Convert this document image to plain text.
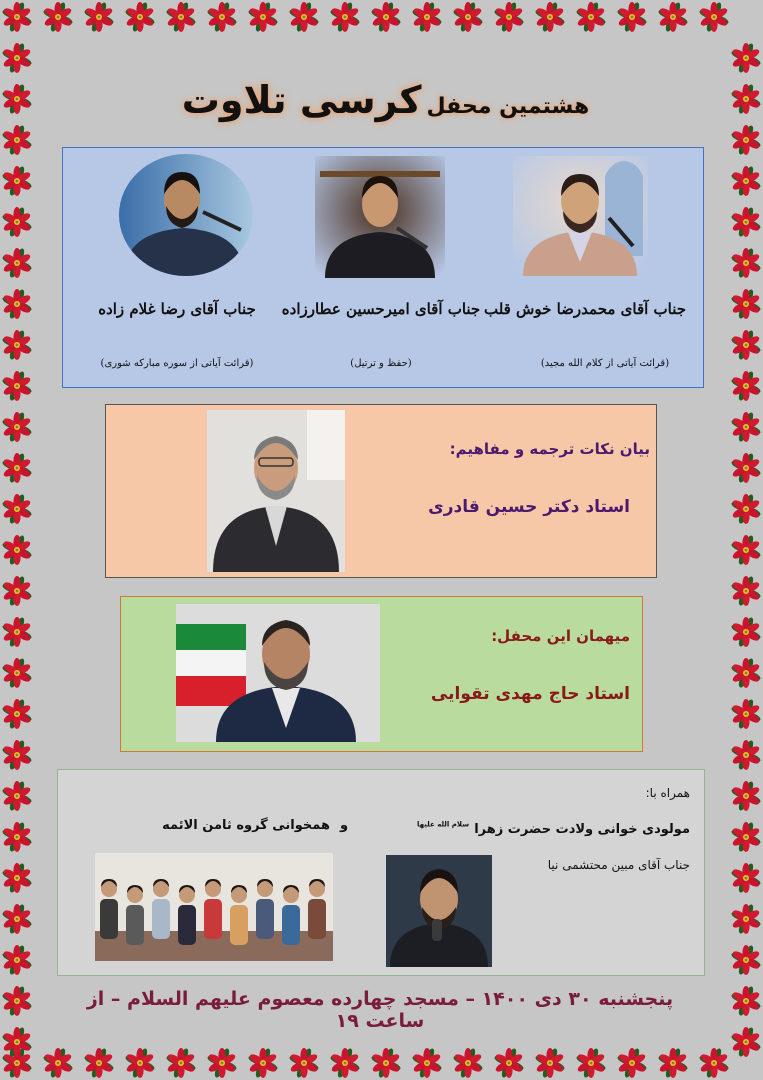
هشتمین محفل کرسی تلاوت
جناب آقای محمدرضا خوش قلب
(قرائت آیاتی از کلام الله مجید)
جناب آقای امیرحسین عطارزاده
(حفظ و ترتیل)
جناب آقای رضا غلام زاده
(قرائت آیاتی از سوره مبارکه شوری)
بیان نکات ترجمه و مفاهیم:
استاد دکتر حسین قادری
میهمان این محفل:
استاد حاج مهدی تقوایی
همراه با:
مولودی خوانی ولادت حضرت زهرا $^{سلام الله علیها}$
و
همخوانی گروه ثامن الائمه
جناب آقای مبین محتشمی نیا
پنجشنبه ۳۰ دی ۱۴۰۰ – مسجد چهارده معصوم علیهم السلام – از ساعت ۱۹
